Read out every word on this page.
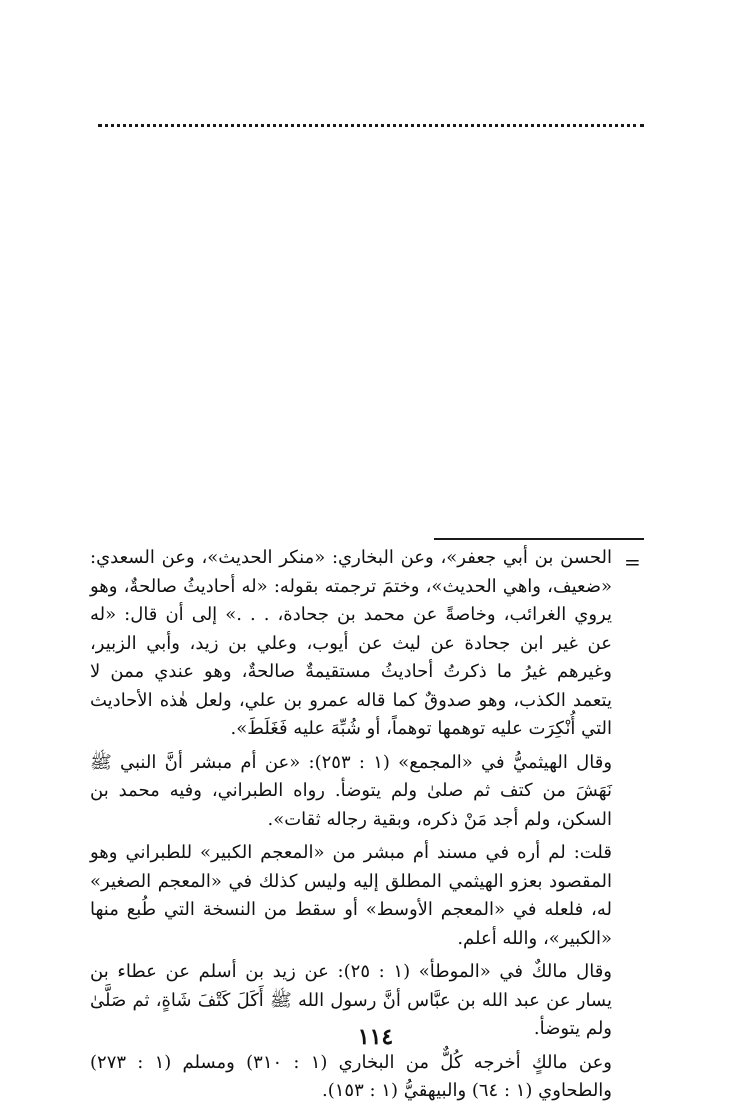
=

الحسن بن أبي جعفر»، وعن البخاري: «منكر الحديث»، وعن السعدي: «ضعيف، واهي الحديث»، وختمَ ترجمته بقوله: «له أحاديثُ صالحةٌ، وهو يروي الغرائب، وخاصةً عن محمد بن جحادة، . . .» إلى أن قال: «له عن غير ابن جحادة عن ليث عن أيوب، وعلي بن زيد، وأبي الزبير، وغيرهم غيرُ ما ذكرتُ أحاديثُ مستقيمةٌ صالحةٌ، وهو عندي ممن لا يتعمد الكذب، وهو صدوقٌ كما قاله عمرو بن علي، ولعل هٰذه الأحاديث التي أُنْكِرَت عليه توهمها توهماً، أو شُبِّهَ عليه فَغَلَطَ».

وقال الهيثميُّ في «المجمع» (١ : ٢٥٣): «عن أم مبشر أنَّ النبي ﷺ نَهَشَ من كتف ثم صلىٰ ولم يتوضأ. رواه الطبراني، وفيه محمد بن السكن، ولم أجد مَنْ ذكره، وبقية رجاله ثقات».

قلت: لم أره في مسند أم مبشر من «المعجم الكبير» للطبراني وهو المقصود بعزو الهيثمي المطلق إليه وليس كذلك في «المعجم الصغير» له، فلعله في «المعجم الأوسط» أو سقط من النسخة التي طُبع منها «الكبير»، والله أعلم.

وقال مالكٌ في «الموطأ» (١ : ٢٥): عن زيد بن أسلم عن عطاء بن يسار عن عبد الله بن عبَّاس أنَّ رسول الله ﷺ أَكَلَ كَتْفَ شَاةٍ، ثم صَلَّىٰ ولم يتوضأ.

وعن مالكٍ أخرجه كُلٌّ من البخاري (١ : ٣١٠) ومسلم (١ : ٢٧٣) والطحاوي (١ : ٦٤) والبيهقيُّ (١ : ١٥٣).

١١٤
